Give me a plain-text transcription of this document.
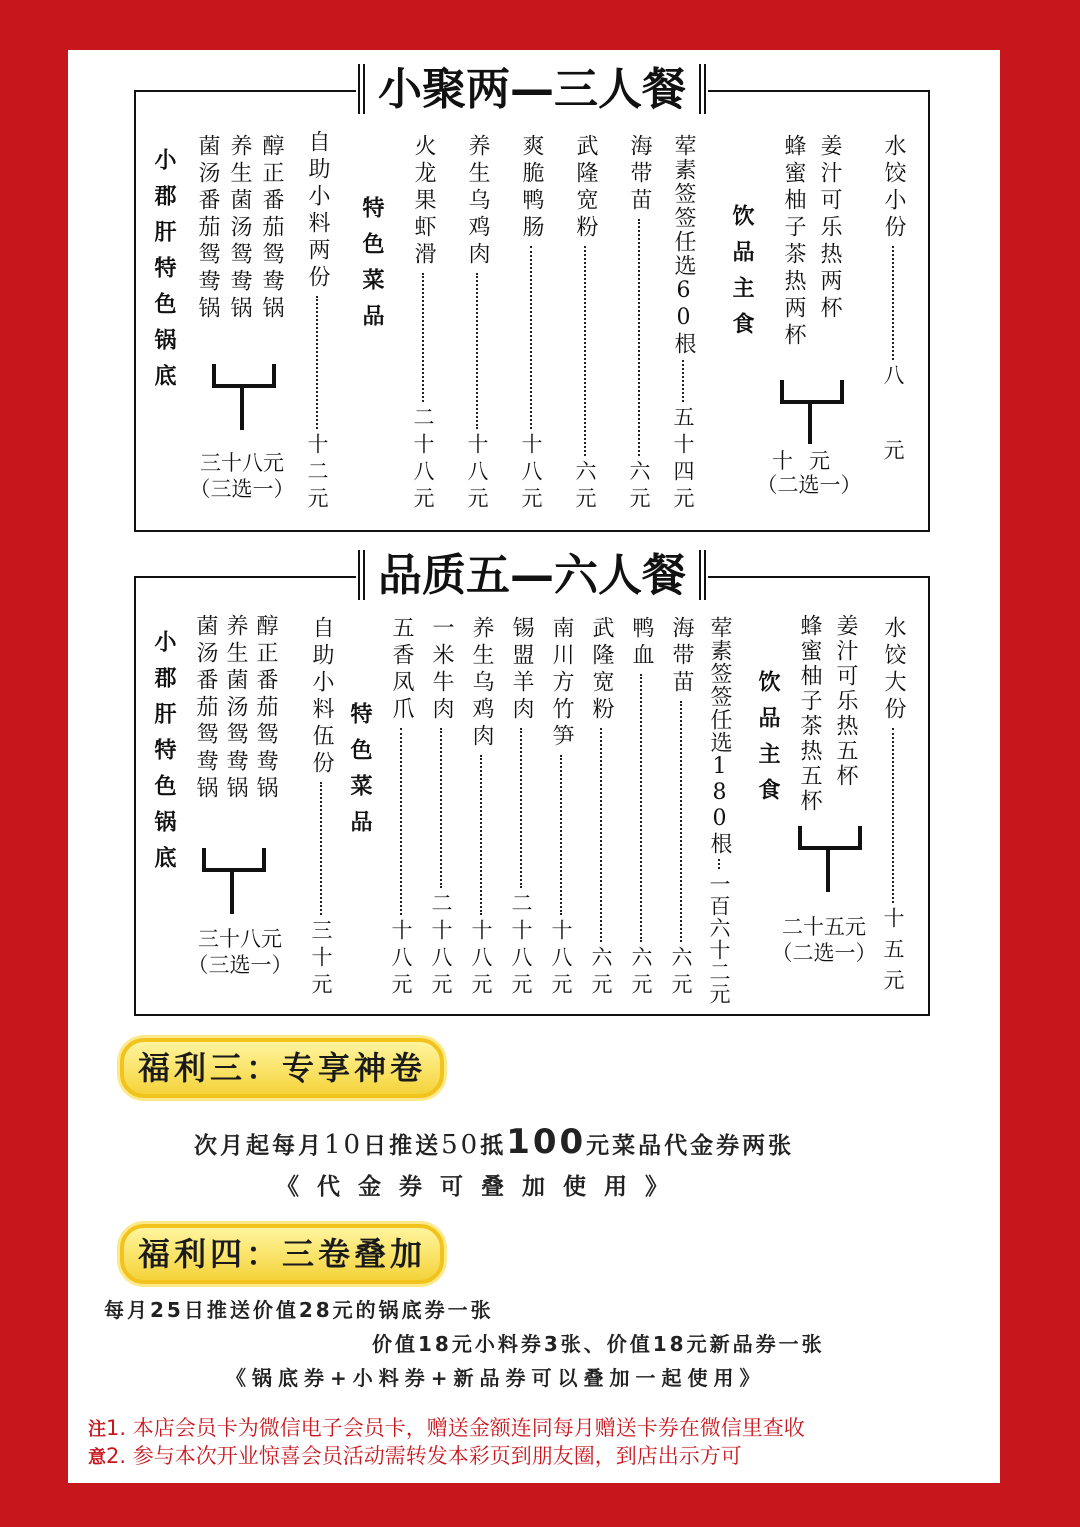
小聚两—三人餐
小郡肝特色锅底	醇正番茄鸳鸯锅
养生菌汤鸳鸯锅
菌汤番茄鸳鸯锅
三十八元
（三选一）
自助小料两份
十二元
特色菜品 火龙果虾滑
二十八元
养生乌鸡肉
十八元
爽脆鸭肠
十八元
武隆宽粉
六元
海带苗
六元
荤素签签任选60根
五十四元
饮品主食	姜汁可乐热两杯
蜂蜜柚子茶热两杯
十元
（二选一）
水饺小份
八元
品质五—六人餐
小郡肝特色锅底	醇正番茄鸳鸯锅
养生菌汤鸳鸯锅
菌汤番茄鸳鸯锅
三十八元
（三选一）
自助小料伍份
三十元
特色菜品
五香凤爪
十八元
一米牛肉
二十八元
养生乌鸡肉
十八元
锡盟羊肉
二十八元
南川方竹笋
十八元
武隆宽粉
六元
鸭血
六元
海带苗
六元
荤素签签任选180根
一百六十二元
饮品主食 姜汁可乐热五杯
蜂蜜柚子茶热五杯
二十五元
（二选一）
水饺大份
十五元
福利三：专享神卷
次月起每月10日推送50抵100元菜品代金券两张
《代金券可叠加使用》
福利四：三卷叠加
每月25日推送价值28元的锅底券一张
价值18元小料券3张、价值18元新品券一张
《锅底券+小料券+新品券可以叠加一起使用》
注1. 本店会员卡为微信电子会员卡，赠送金额连同每月赠送卡券在微信里查收
意2. 参与本次开业惊喜会员活动需转发本彩页到朋友圈，到店出示方可
